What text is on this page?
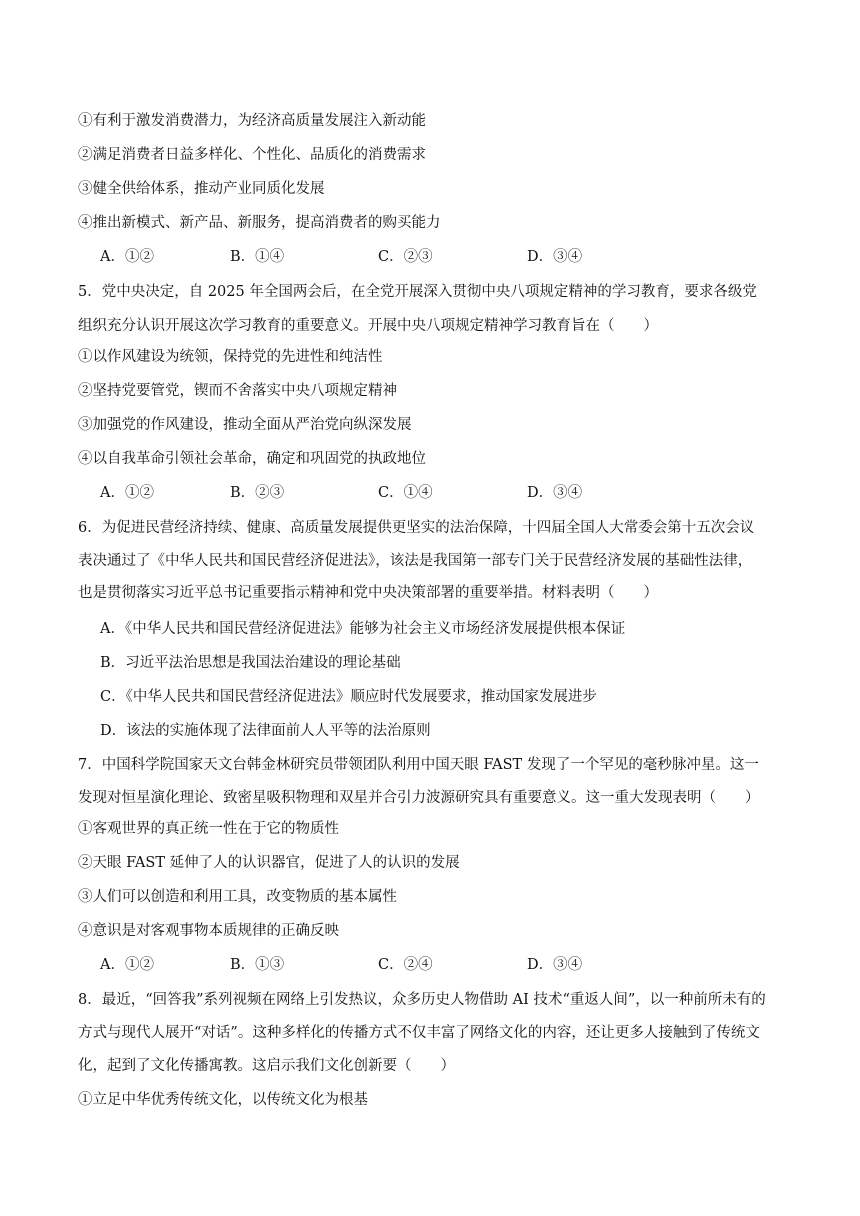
①有利于激发消费潜力，为经济高质量发展注入新动能
②满足消费者日益多样化、个性化、品质化的消费需求
③健全供给体系，推动产业同质化发展
④推出新模式、新产品、新服务，提高消费者的购买能力
A．①②	B．①④	C．②③	D．③④
5．党中央决定，自 2025 年全国两会后，在全党开展深入贯彻中央八项规定精神的学习教育，要求各级党
组织充分认识开展这次学习教育的重要意义。开展中央八项规定精神学习教育旨在（　　）
①以作风建设为统领，保持党的先进性和纯洁性
②坚持党要管党，锲而不舍落实中央八项规定精神
③加强党的作风建设，推动全面从严治党向纵深发展
④以自我革命引领社会革命，确定和巩固党的执政地位
A．①②	B．②③	C．①④	D．③④
6．为促进民营经济持续、健康、高质量发展提供更坚实的法治保障，十四届全国人大常委会第十五次会议
表决通过了《中华人民共和国民营经济促进法》，该法是我国第一部专门关于民营经济发展的基础性法律，
也是贯彻落实习近平总书记重要指示精神和党中央决策部署的重要举措。材料表明（　　）
A．《中华人民共和国民营经济促进法》能够为社会主义市场经济发展提供根本保证
B．习近平法治思想是我国法治建设的理论基础
C．《中华人民共和国民营经济促进法》顺应时代发展要求，推动国家发展进步
D．该法的实施体现了法律面前人人平等的法治原则
7．中国科学院国家天文台韩金林研究员带领团队利用中国天眼 FAST 发现了一个罕见的毫秒脉冲星。这一
发现对恒星演化理论、致密星吸积物理和双星并合引力波源研究具有重要意义。这一重大发现表明（　　）
①客观世界的真正统一性在于它的物质性
②天眼 FAST 延伸了人的认识器官，促进了人的认识的发展
③人们可以创造和利用工具，改变物质的基本属性
④意识是对客观事物本质规律的正确反映
A．①②	B．①③	C．②④	D．③④
8．最近，“回答我”系列视频在网络上引发热议，众多历史人物借助 AI 技术“重返人间”，以一种前所未有的
方式与现代人展开“对话”。这种多样化的传播方式不仅丰富了网络文化的内容，还让更多人接触到了传统文
化，起到了文化传播寓教。这启示我们文化创新要（　　）
①立足中华优秀传统文化，以传统文化为根基
